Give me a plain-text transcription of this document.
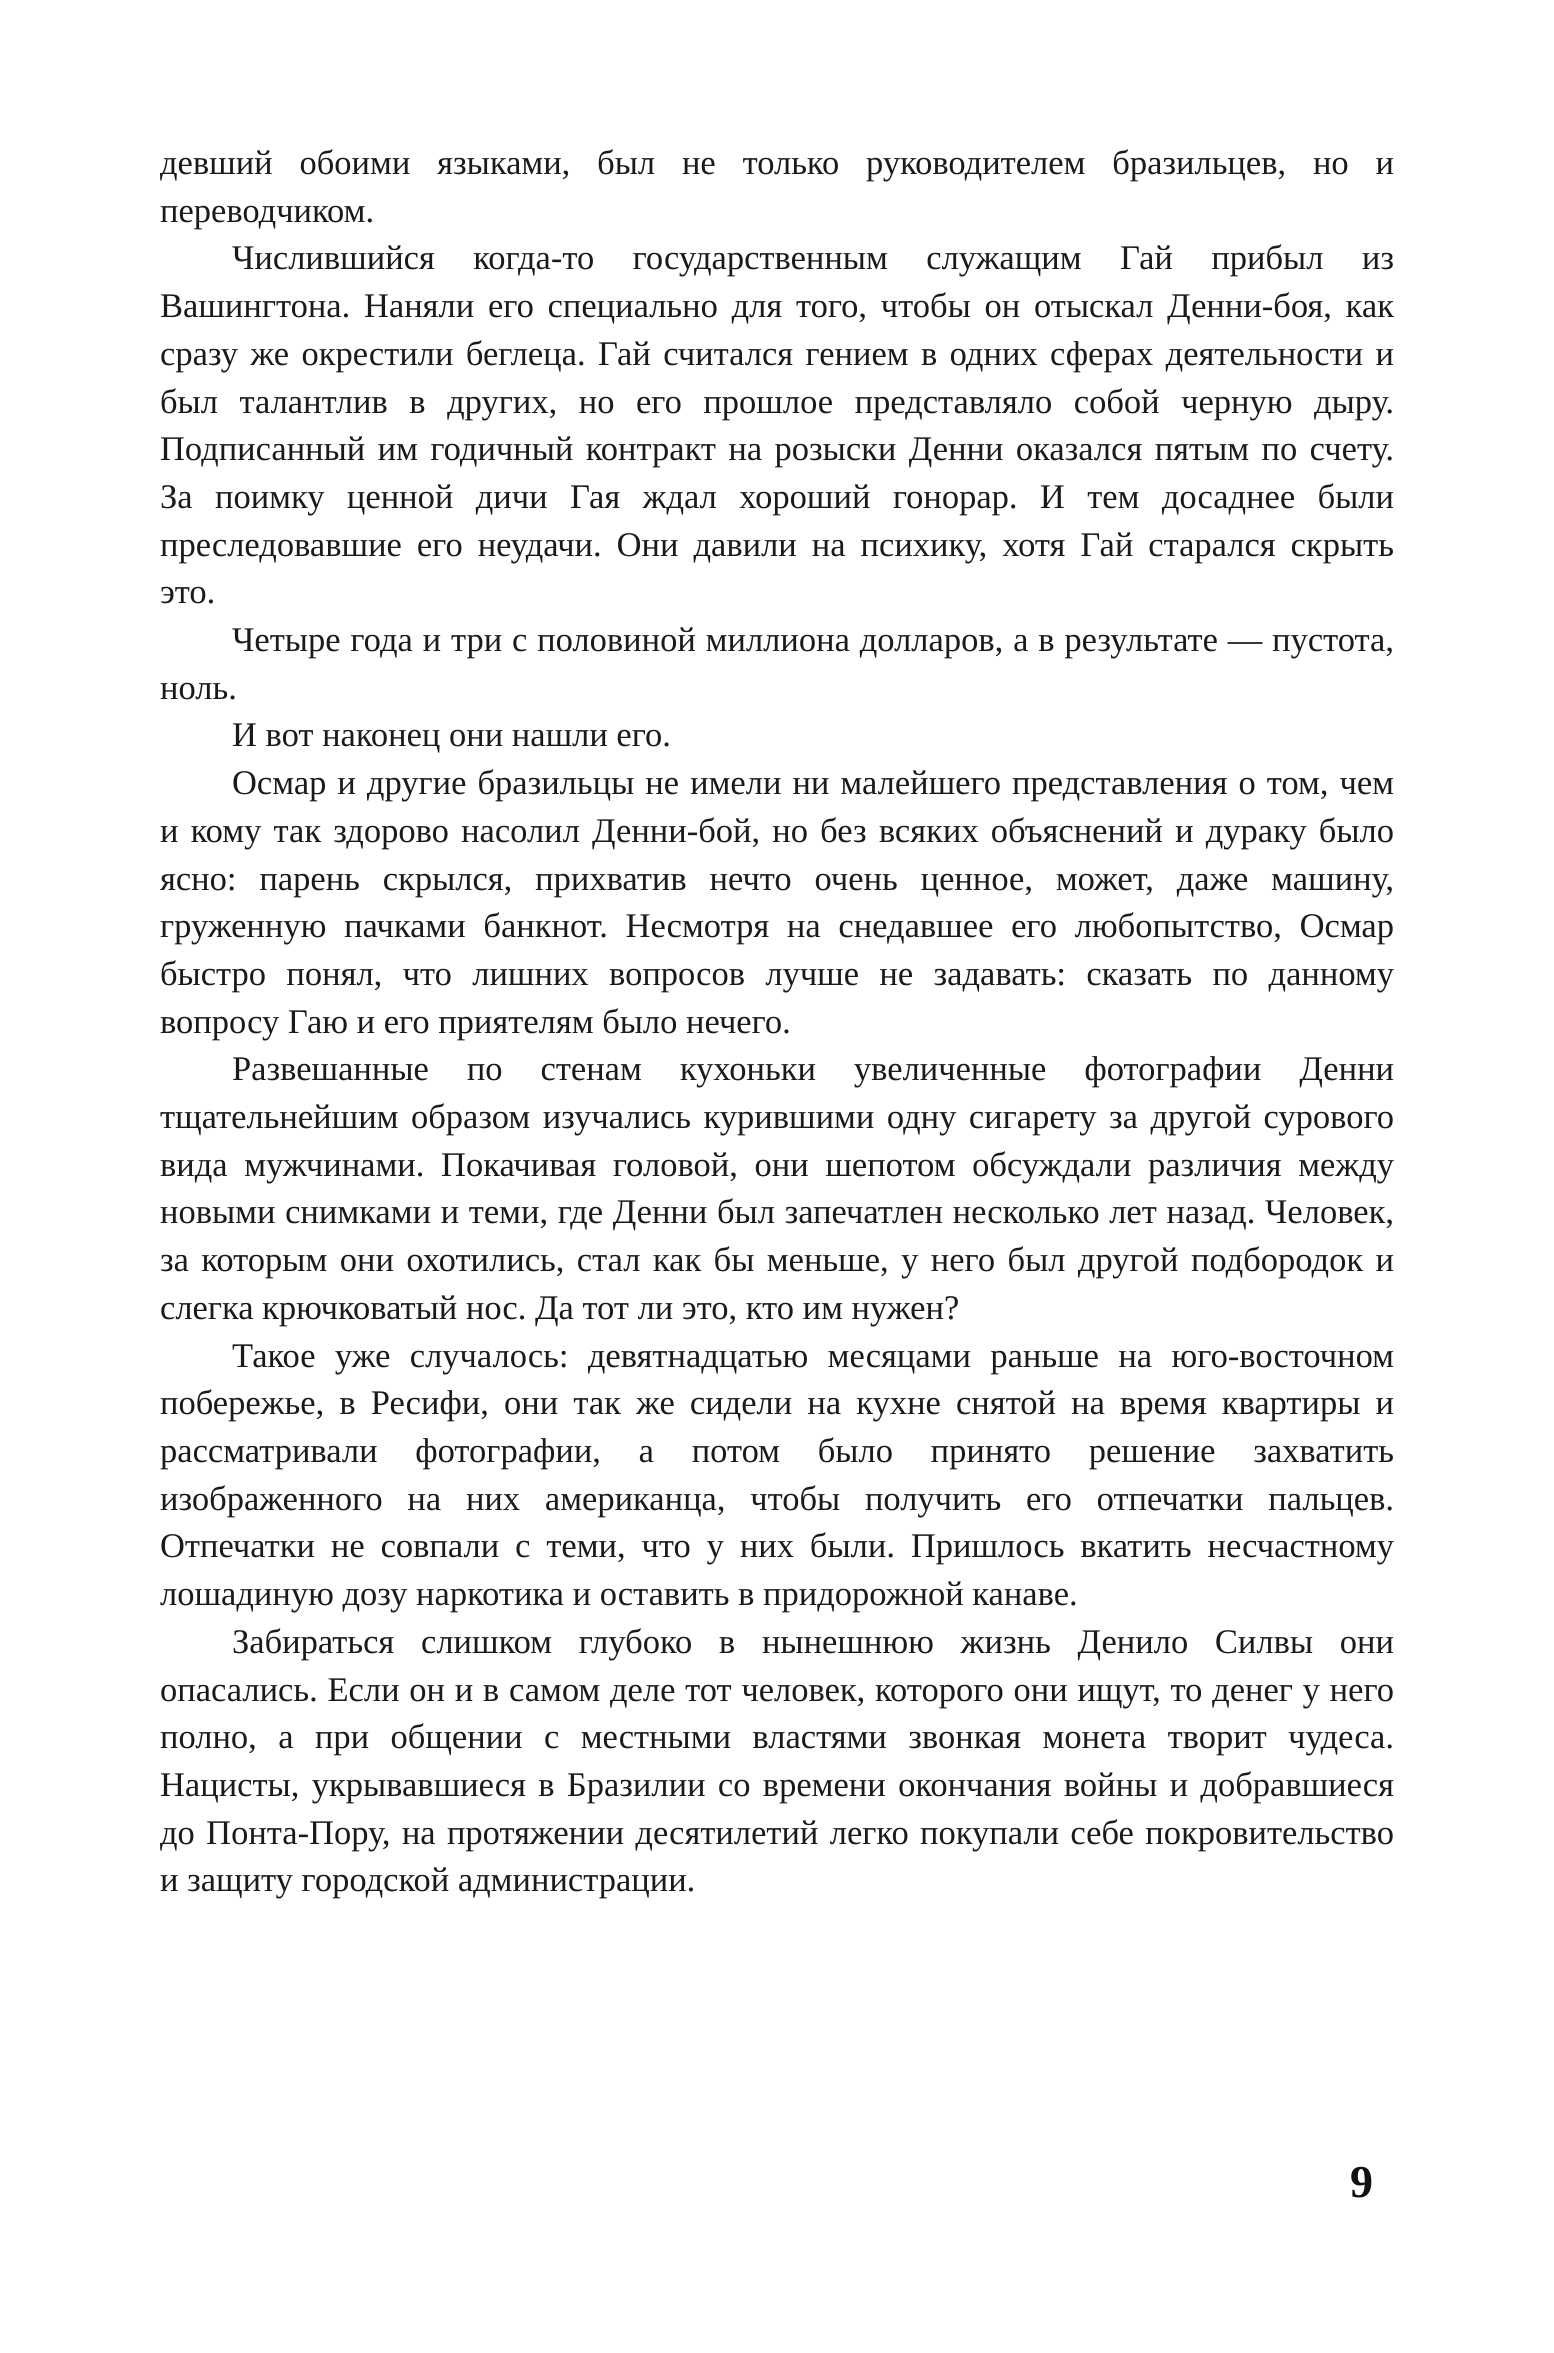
девший обоими языками, был не только руководителем бразильцев, но и переводчиком.

Числившийся когда-то государственным служащим Гай прибыл из Вашингтона. Наняли его специально для того, чтобы он отыскал Денни-боя, как сразу же окрестили беглеца. Гай считался гением в одних сферах деятельности и был талантлив в других, но его прошлое представляло собой черную дыру. Подписанный им годичный контракт на розыски Денни оказался пятым по счету. За поимку ценной дичи Гая ждал хороший гонорар. И тем досаднее были преследовавшие его неудачи. Они давили на психику, хотя Гай старался скрыть это.

Четыре года и три с половиной миллиона долларов, а в результате — пустота, ноль.

И вот наконец они нашли его.

Осмар и другие бразильцы не имели ни малейшего представления о том, чем и кому так здорово насолил Денни-бой, но без всяких объяснений и дураку было ясно: парень скрылся, прихватив нечто очень ценное, может, даже машину, груженную пачками банкнот. Несмотря на снедавшее его любопытство, Осмар быстро понял, что лишних вопросов лучше не задавать: сказать по данному вопросу Гаю и его приятелям было нечего.

Развешанные по стенам кухоньки увеличенные фотографии Денни тщательнейшим образом изучались курившими одну сигарету за другой сурового вида мужчинами. Покачивая головой, они шепотом обсуждали различия между новыми снимками и теми, где Денни был запечатлен несколько лет назад. Человек, за которым они охотились, стал как бы меньше, у него был другой подбородок и слегка крючковатый нос. Да тот ли это, кто им нужен?

Такое уже случалось: девятнадцатью месяцами раньше на юго-восточном побережье, в Ресифи, они так же сидели на кухне снятой на время квартиры и рассматривали фотографии, а потом было принято решение захватить изображенного на них американца, чтобы получить его отпечатки пальцев. Отпечатки не совпали с теми, что у них были. Пришлось вкатить несчастному лошадиную дозу наркотика и оставить в придорожной канаве.

Забираться слишком глубоко в нынешнюю жизнь Денило Силвы они опасались. Если он и в самом деле тот человек, которого они ищут, то денег у него полно, а при общении с местными властями звонкая монета творит чудеса. Нацисты, укрывавшиеся в Бразилии со времени окончания войны и добравшиеся до Понта-Пору, на протяжении десятилетий легко покупали себе покровительство и защиту городской администрации.

9
